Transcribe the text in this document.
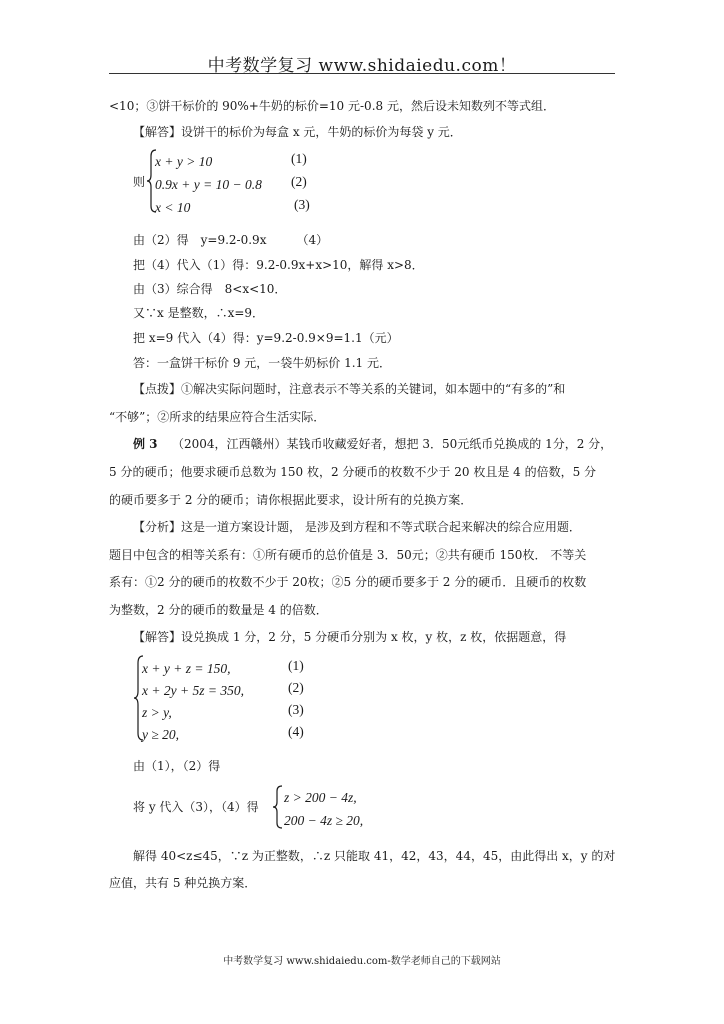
中考数学复习 www.shidaiedu.com！
<10；③饼干标价的 90%+牛奶的标价=10 元-0.8 元，然后设未知数列不等式组．
【解答】设饼干的标价为每盒 x 元，牛奶的标价为每袋 y 元．
则
x + y > 10	(1)
0.9x + y = 10 − 0.8 (2)
x < 10	(3)
由（2）得　y=9.2-0.9x　　　（4）
把（4）代入（1）得：9.2-0.9x+x>10，解得 x>8．
由（3）综合得　8<x<10．
又∵x 是整数，∴x=9．
把 x=9 代入（4）得：y=9.2-0.9×9=1.1（元）
答：一盒饼干标价 9 元，一袋牛奶标价 1.1 元．
【点拨】①解决实际问题时，注意表示不等关系的关键词，如本题中的“有多的”和
“不够”；②所求的结果应符合生活实际．
例 3 （2004，江西赣州）某钱币收藏爱好者，想把 3．50元纸币兑换成的 1分，2 分，
5 分的硬币；他要求硬币总数为 150 枚，2 分硬币的枚数不少于 20 枚且是 4 的倍数，5 分
的硬币要多于 2 分的硬币；请你根据此要求，设计所有的兑换方案．
【分析】这是一道方案设计题， 是涉及到方程和不等式联合起来解决的综合应用题．
题目中包含的相等关系有：①所有硬币的总价值是 3．50元；②共有硬币 150枚． 不等关
系有：①2 分的硬币的枚数不少于 20枚；②5 分的硬币要多于 2 分的硬币．且硬币的枚数
为整数，2 分的硬币的数量是 4 的倍数．
【解答】设兑换成 1 分，2 分，5 分硬币分别为 x 枚，y 枚，z 枚，依据题意，得
x + y + z = 150,	(1)
x + 2y + 5z = 350,	(2)
z > y,	(3)
y ≥ 20,	(4)
由（1），（2）得
将 y 代入（3），（4）得
z > 200 − 4z,
200 − 4z ≥ 20,
解得 40<z≤45，∵z 为正整数，∴z 只能取 41，42，43，44，45，由此得出 x，y 的对
应值，共有 5 种兑换方案．
中考数学复习 www.shidaiedu.com-数学老师自己的下载网站
